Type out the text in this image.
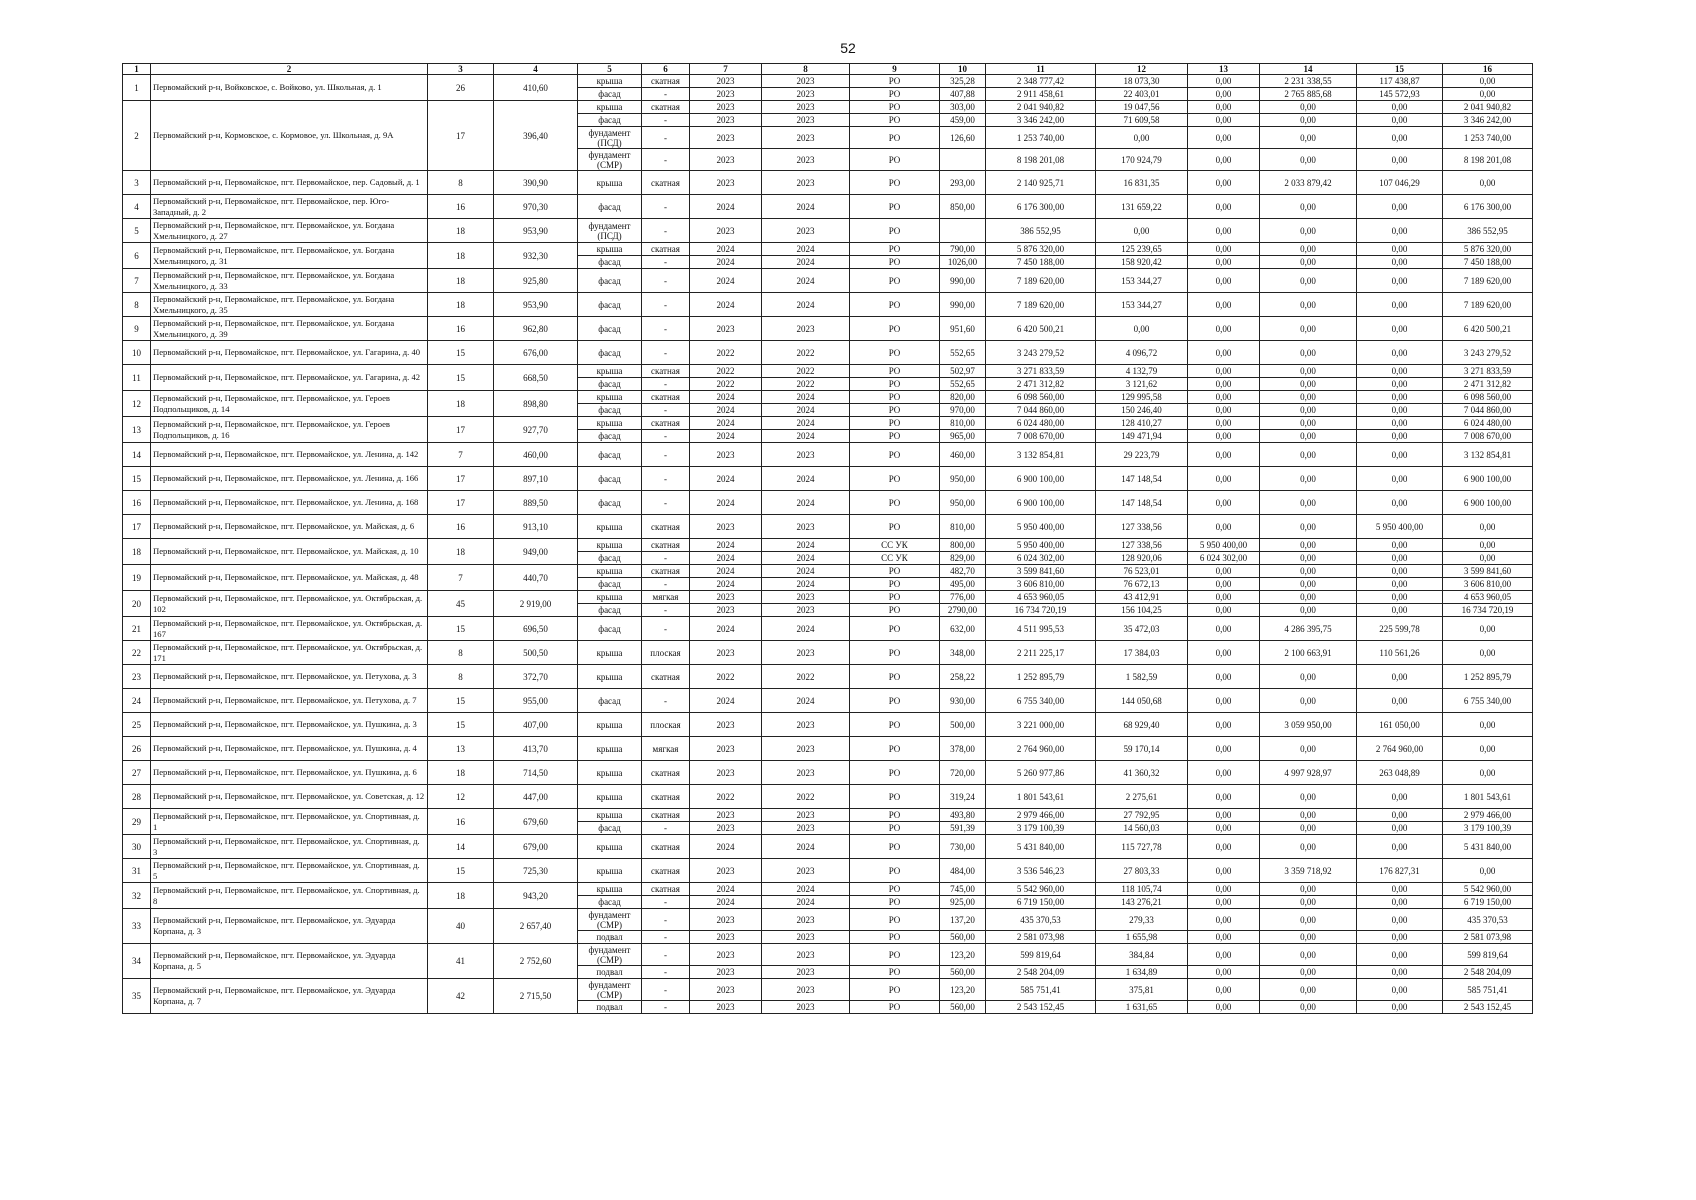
52
1	2	3	4	5	6	7	8	9	10	11	12	13	14	15	16
1	Первомайский р-н, Войковское, с. Войково, ул. Школьная, д. 1	26	410,60	крыша	скатная	2023	2023	РО	325,28	2 348 777,42	18 073,30	0,00	2 231 338,55	117 438,87	0,00
				фасад	-	2023	2023	РО	407,88	2 911 458,61	22 403,01	0,00	2 765 885,68	145 572,93	0,00
2	Первомайский р-н, Кормовское, с. Кормовое, ул. Школьная, д. 9А	17	396,40	крыша	скатная	2023	2023	РО	303,00	2 041 940,82	19 047,56	0,00	0,00	0,00	2 041 940,82
				фасад	-	2023	2023	РО	459,00	3 346 242,00	71 609,58	0,00	0,00	0,00	3 346 242,00
				фундамент (ПСД)	-	2023	2023	РО	126,60	1 253 740,00	0,00	0,00	0,00	0,00	1 253 740,00
				фундамент (СМР)	-	2023	2023	РО		8 198 201,08	170 924,79	0,00	0,00	0,00	8 198 201,08
3	Первомайский р-н, Первомайское, пгт. Первомайское, пер. Садовый, д. 1	8	390,90	крыша	скатная	2023	2023	РО	293,00	2 140 925,71	16 831,35	0,00	2 033 879,42	107 046,29	0,00
4	Первомайский р-н, Первомайское, пгт. Первомайское, пер. Юго-Западный, д. 2	16	970,30	фасад	-	2024	2024	РО	850,00	6 176 300,00	131 659,22	0,00	0,00	0,00	6 176 300,00
5	Первомайский р-н, Первомайское, пгт. Первомайское, ул. Богдана Хмельницкого, д. 27	18	953,90	фундамент (ПСД)	-	2023	2023	РО		386 552,95	0,00	0,00	0,00	0,00	386 552,95
6	Первомайский р-н, Первомайское, пгт. Первомайское, ул. Богдана Хмельницкого, д. 31	18	932,30	крыша	скатная	2024	2024	РО	790,00	5 876 320,00	125 239,65	0,00	0,00	0,00	5 876 320,00
				фасад	-	2024	2024	РО	1026,00	7 450 188,00	158 920,42	0,00	0,00	0,00	7 450 188,00
7	Первомайский р-н, Первомайское, пгт. Первомайское, ул. Богдана Хмельницкого, д. 33	18	925,80	фасад	-	2024	2024	РО	990,00	7 189 620,00	153 344,27	0,00	0,00	0,00	7 189 620,00
8	Первомайский р-н, Первомайское, пгт. Первомайское, ул. Богдана Хмельницкого, д. 35	18	953,90	фасад	-	2024	2024	РО	990,00	7 189 620,00	153 344,27	0,00	0,00	0,00	7 189 620,00
9	Первомайский р-н, Первомайское, пгт. Первомайское, ул. Богдана Хмельницкого, д. 39	16	962,80	фасад	-	2023	2023	РО	951,60	6 420 500,21	0,00	0,00	0,00	0,00	6 420 500,21
10	Первомайский р-н, Первомайское, пгт. Первомайское, ул. Гагарина, д. 40	15	676,00	фасад	-	2022	2022	РО	552,65	3 243 279,52	4 096,72	0,00	0,00	0,00	3 243 279,52
11	Первомайский р-н, Первомайское, пгт. Первомайское, ул. Гагарина, д. 42	15	668,50	крыша	скатная	2022	2022	РО	502,97	3 271 833,59	4 132,79	0,00	0,00	0,00	3 271 833,59
				фасад	-	2022	2022	РО	552,65	2 471 312,82	3 121,62	0,00	0,00	0,00	2 471 312,82
12	Первомайский р-н, Первомайское, пгт. Первомайское, ул. Героев Подпольщиков, д. 14	18	898,80	крыша	скатная	2024	2024	РО	820,00	6 098 560,00	129 995,58	0,00	0,00	0,00	6 098 560,00
				фасад	-	2024	2024	РО	970,00	7 044 860,00	150 246,40	0,00	0,00	0,00	7 044 860,00
13	Первомайский р-н, Первомайское, пгт. Первомайское, ул. Героев Подпольщиков, д. 16	17	927,70	крыша	скатная	2024	2024	РО	810,00	6 024 480,00	128 410,27	0,00	0,00	0,00	6 024 480,00
				фасад	-	2024	2024	РО	965,00	7 008 670,00	149 471,94	0,00	0,00	0,00	7 008 670,00
14	Первомайский р-н, Первомайское, пгт. Первомайское, ул. Ленина, д. 142	7	460,00	фасад	-	2023	2023	РО	460,00	3 132 854,81	29 223,79	0,00	0,00	0,00	3 132 854,81
15	Первомайский р-н, Первомайское, пгт. Первомайское, ул. Ленина, д. 166	17	897,10	фасад	-	2024	2024	РО	950,00	6 900 100,00	147 148,54	0,00	0,00	0,00	6 900 100,00
16	Первомайский р-н, Первомайское, пгт. Первомайское, ул. Ленина, д. 168	17	889,50	фасад	-	2024	2024	РО	950,00	6 900 100,00	147 148,54	0,00	0,00	0,00	6 900 100,00
17	Первомайский р-н, Первомайское, пгт. Первомайское, ул. Майская, д. 6	16	913,10	крыша	скатная	2023	2023	РО	810,00	5 950 400,00	127 338,56	0,00	0,00	5 950 400,00	0,00
18	Первомайский р-н, Первомайское, пгт. Первомайское, ул. Майская, д. 10	18	949,00	крыша	скатная	2024	2024	СС УК	800,00	5 950 400,00	127 338,56	5 950 400,00	0,00	0,00	0,00
				фасад	-	2024	2024	СС УК	829,00	6 024 302,00	128 920,06	6 024 302,00	0,00	0,00	0,00
19	Первомайский р-н, Первомайское, пгт. Первомайское, ул. Майская, д. 48	7	440,70	крыша	скатная	2024	2024	РО	482,70	3 599 841,60	76 523,01	0,00	0,00	0,00	3 599 841,60
				фасад	-	2024	2024	РО	495,00	3 606 810,00	76 672,13	0,00	0,00	0,00	3 606 810,00
20	Первомайский р-н, Первомайское, пгт. Первомайское, ул. Октябрьская, д. 102	45	2 919,00	крыша	мягкая	2023	2023	РО	776,00	4 653 960,05	43 412,91	0,00	0,00	0,00	4 653 960,05
				фасад	-	2023	2023	РО	2790,00	16 734 720,19	156 104,25	0,00	0,00	0,00	16 734 720,19
21	Первомайский р-н, Первомайское, пгт. Первомайское, ул. Октябрьская, д. 167	15	696,50	фасад	-	2024	2024	РО	632,00	4 511 995,53	35 472,03	0,00	4 286 395,75	225 599,78	0,00
22	Первомайский р-н, Первомайское, пгт. Первомайское, ул. Октябрьская, д. 171	8	500,50	крыша	плоская	2023	2023	РО	348,00	2 211 225,17	17 384,03	0,00	2 100 663,91	110 561,26	0,00
23	Первомайский р-н, Первомайское, пгт. Первомайское, ул. Петухова, д. 3	8	372,70	крыша	скатная	2022	2022	РО	258,22	1 252 895,79	1 582,59	0,00	0,00	0,00	1 252 895,79
24	Первомайский р-н, Первомайское, пгт. Первомайское, ул. Петухова, д. 7	15	955,00	фасад	-	2024	2024	РО	930,00	6 755 340,00	144 050,68	0,00	0,00	0,00	6 755 340,00
25	Первомайский р-н, Первомайское, пгт. Первомайское, ул. Пушкина, д. 3	15	407,00	крыша	плоская	2023	2023	РО	500,00	3 221 000,00	68 929,40	0,00	3 059 950,00	161 050,00	0,00
26	Первомайский р-н, Первомайское, пгт. Первомайское, ул. Пушкина, д. 4	13	413,70	крыша	мягкая	2023	2023	РО	378,00	2 764 960,00	59 170,14	0,00	0,00	2 764 960,00	0,00
27	Первомайский р-н, Первомайское, пгт. Первомайское, ул. Пушкина, д. 6	18	714,50	крыша	скатная	2023	2023	РО	720,00	5 260 977,86	41 360,32	0,00	4 997 928,97	263 048,89	0,00
28	Первомайский р-н, Первомайское, пгт. Первомайское, ул. Советская, д. 12	12	447,00	крыша	скатная	2022	2022	РО	319,24	1 801 543,61	2 275,61	0,00	0,00	0,00	1 801 543,61
29	Первомайский р-н, Первомайское, пгт. Первомайское, ул. Спортивная, д. 1	16	679,60	крыша	скатная	2023	2023	РО	493,80	2 979 466,00	27 792,95	0,00	0,00	0,00	2 979 466,00
				фасад	-	2023	2023	РО	591,39	3 179 100,39	14 560,03	0,00	0,00	0,00	3 179 100,39
30	Первомайский р-н, Первомайское, пгт. Первомайское, ул. Спортивная, д. 3	14	679,00	крыша	скатная	2024	2024	РО	730,00	5 431 840,00	115 727,78	0,00	0,00	0,00	5 431 840,00
31	Первомайский р-н, Первомайское, пгт. Первомайское, ул. Спортивная, д. 5	15	725,30	крыша	скатная	2023	2023	РО	484,00	3 536 546,23	27 803,33	0,00	3 359 718,92	176 827,31	0,00
32	Первомайский р-н, Первомайское, пгт. Первомайское, ул. Спортивная, д. 8	18	943,20	крыша	скатная	2024	2024	РО	745,00	5 542 960,00	118 105,74	0,00	0,00	0,00	5 542 960,00
				фасад	-	2024	2024	РО	925,00	6 719 150,00	143 276,21	0,00	0,00	0,00	6 719 150,00
33	Первомайский р-н, Первомайское, пгт. Первомайское, ул. Эдуарда Корпана, д. 3	40	2 657,40	фундамент (СМР)	-	2023	2023	РО	137,20	435 370,53	279,33	0,00	0,00	0,00	435 370,53
				подвал	-	2023	2023	РО	560,00	2 581 073,98	1 655,98	0,00	0,00	0,00	2 581 073,98
34	Первомайский р-н, Первомайское, пгт. Первомайское, ул. Эдуарда Корпана, д. 5	41	2 752,60	фундамент (СМР)	-	2023	2023	РО	123,20	599 819,64	384,84	0,00	0,00	0,00	599 819,64
				подвал	-	2023	2023	РО	560,00	2 548 204,09	1 634,89	0,00	0,00	0,00	2 548 204,09
35	Первомайский р-н, Первомайское, пгт. Первомайское, ул. Эдуарда Корпана, д. 7	42	2 715,50	фундамент (СМР)	-	2023	2023	РО	123,20	585 751,41	375,81	0,00	0,00	0,00	585 751,41
				подвал	-	2023	2023	РО	560,00	2 543 152,45	1 631,65	0,00	0,00	0,00	2 543 152,45
